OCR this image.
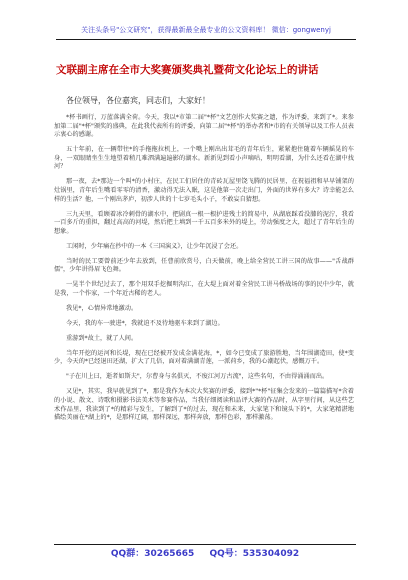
关注头条号"公文研究"，获得最新最全最专业的公文资料库！ 微信：gongwenyj
文联副主席在全市大奖赛颁奖典礼暨荷文化论坛上的讲话

各位领导，各位嘉宾，同志们，大家好！

*杯书画行，万蓝落满全荷。今天，我以*市第二届"*杯"文艺创作大奖赛之遗，作为评委，来到了*。来参加第二届"*杯"颁奖的盛典，在此我代表所有的评委，向第二届"*杯"的举办者和*市的有关领导以及工作人员表示衷心的感谢。

五十年前，在一辆带往*的手拖拖拉机上，一个嘴上刚出出茸毛的青年后生，紧紧抱住随着车辆摇晃的车身，一双眼睛坐生生地望着稍几难泗满遍遍影的湖水。新新见到看小声嘀咕，明明看湖，为什么还看在湖中找河？

那一夜，去*那边一个叫*的小村庄，在民工们居住的青砖瓦屋里饶飞腾的民居里，在祝福祖和早早铺架的灶锅里，青年后生嘴看零零的清香，激动得无法入眠，这是他第一次走出门，外面的世界有多大？诗幸能怎么样的生活？他，一个刚出茅庐，初涉人世的十七岁毛头小子，不敢妄自猜想。

三九天里，看顾着冰冷刺骨的湖水中，把剧真一根一根护进残土的简易中，从湖底踩看没膝的泥泞，我看一百多斤的重担，翻过高高的河堤，然后把土填到一千五百多米外的堤上，劳动强度之大，超过了青年后生的想象。

工闲时，少年痛在抄中的一本《三国演义》，让少年沉浸了会还。

当时的民工要曾前还少年去放到，任曹前欣赏号，白天做前，晚上给全营民工讲三国的故事——"舌战群儒"，少年讲得眉飞色舞。

一晃半个世纪过去了，那个用双手挖掘明沟江，在大堤上面对着全营民工讲马桥战场的事的民中少年，就是我，一个作家，一个年近古稀的老人。

我见*，心情异常地激动。

今天，我的车一驶进*，我就迫不及待地驱车来到了湖边。

重游到*故土，就了人间。

当年开挖的运河和长堤，现在已经被开发成金满花海，*，如今已变成了旅游胜地，当年围湖造田，使*变少，今天的*已经退田还湖，扩大了几倍，面对着满湖青莲，一派荷乡，我的心潮起伏，感慨万千。

"子在川上曰，逝者如斯夫"，尔曹身与名俱灭，不废江河万古流"，这些名句，不由得涌涌而出。

又见*，其实，我早就见到了*，那是我作为本次大奖赛的评委，接到*"*杯"征集会发来的一篇篇描写*含着的小说、散文、诗歌和摄影书法美术等参赛作品，当我仔细阅读和品评大赛的作品时，从字里行间，从这些艺术作品里，我读到了*的精彩与发生，了解到了*的过去，现在和未来，大家笔下和镜头下的*，大家笔精湛地描绘美丽在*湖上的*，是那样辽阔，那样深远，那样奔放，那样色彩，那样激荡。

QQ群：30265665 QQ号：535304092
